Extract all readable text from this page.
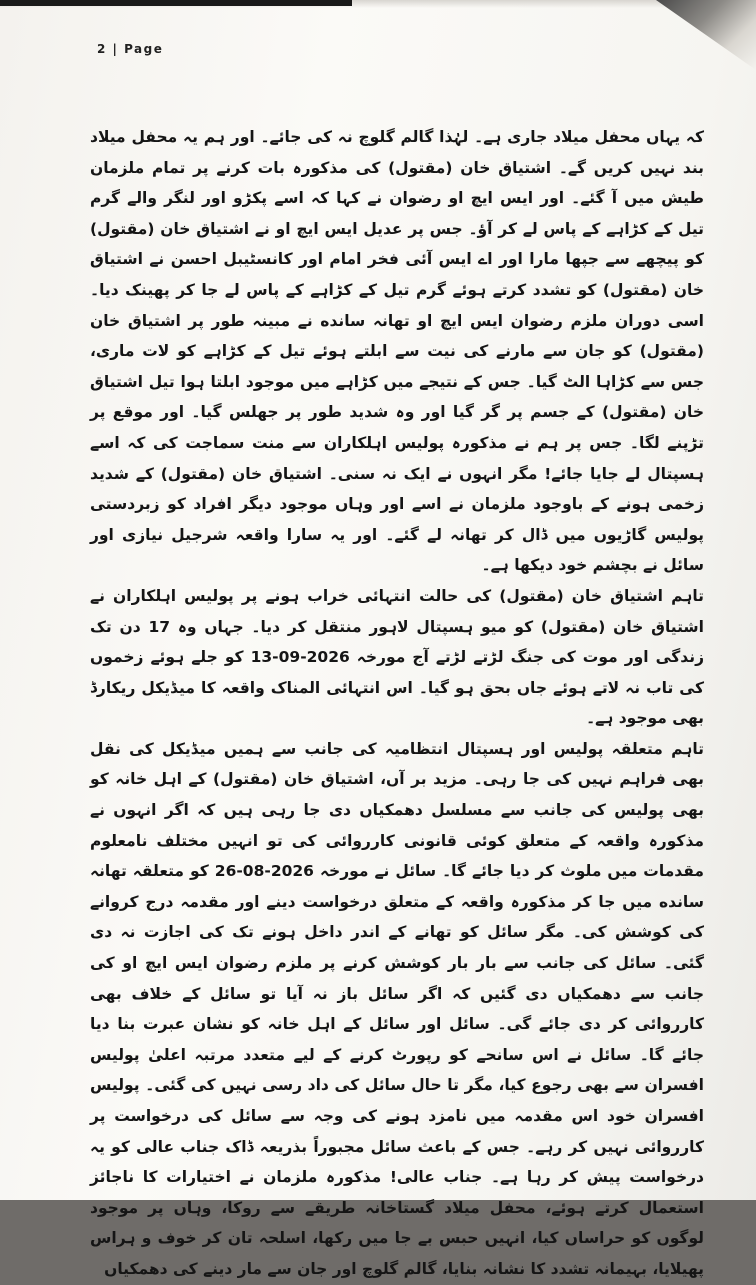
2 | Page

کہ یہاں محفل میلاد جاری ہے۔ لہٰذا گالم گلوچ نہ کی جائے۔ اور ہم یہ محفل میلاد بند نہیں کریں گے۔ اشتیاق خان (مقتول) کی مذکورہ بات کرنے پر تمام ملزمان طیش میں آ گئے۔ اور ایس ایچ او رضوان نے کہا کہ اسے پکڑو اور لنگر والے گرم تیل کے کڑاہے کے پاس لے کر آؤ۔ جس پر عدیل ایس ایچ او نے اشتیاق خان (مقتول) کو پیچھے سے جپھا مارا اور اے ایس آئی فخر امام اور کانسٹیبل احسن نے اشتیاق خان (مقتول) کو تشدد کرتے ہوئے گرم تیل کے کڑاہے کے پاس لے جا کر پھینک دیا۔ اسی دوران ملزم رضوان ایس ایچ او تھانہ سانده نے مبینہ طور پر اشتیاق خان (مقتول) کو جان سے مارنے کی نیت سے ابلتے ہوئے تیل کے کڑاہے کو لات ماری، جس سے کڑاہا الٹ گیا۔ جس کے نتیجے میں کڑاہے میں موجود ابلتا ہوا تیل اشتیاق خان (مقتول) کے جسم پر گر گیا اور وہ شدید طور پر جھلس گیا۔ اور موقع پر تڑپنے لگا۔ جس پر ہم نے مذکورہ پولیس اہلکاران سے منت سماجت کی کہ اسے ہسپتال لے جایا جائے! مگر انہوں نے ایک نہ سنی۔ اشتیاق خان (مقتول) کے شدید زخمی ہونے کے باوجود ملزمان نے اسے اور وہاں موجود دیگر افراد کو زبردستی پولیس گاڑیوں میں ڈال کر تھانہ لے گئے۔ اور یہ سارا واقعہ شرجیل نیازی اور سائل نے بچشم خود دیکھا ہے۔

تاہم اشتیاق خان (مقتول) کی حالت انتہائی خراب ہونے پر پولیس اہلکاران نے اشتیاق خان (مقتول) کو میو ہسپتال لاہور منتقل کر دیا۔ جہاں وہ 17 دن تک زندگی اور موت کی جنگ لڑتے لڑتے آج مورخہ 2026-09-13 کو جلے ہوئے زخموں کی تاب نہ لاتے ہوئے جاں بحق ہو گیا۔ اس انتہائی المناک واقعہ کا میڈیکل ریکارڈ بھی موجود ہے۔

تاہم متعلقہ پولیس اور ہسپتال انتظامیہ کی جانب سے ہمیں میڈیکل کی نقل بھی فراہم نہیں کی جا رہی۔ مزید بر آں، اشتیاق خان (مقتول) کے اہل خانہ کو بھی پولیس کی جانب سے مسلسل دھمکیاں دی جا رہی ہیں کہ اگر انہوں نے مذکورہ واقعہ کے متعلق کوئی قانونی کارروائی کی تو انہیں مختلف نامعلوم مقدمات میں ملوث کر دیا جائے گا۔ سائل نے مورخہ 2026-08-26 کو متعلقہ تھانہ سانده میں جا کر مذکورہ واقعہ کے متعلق درخواست دینے اور مقدمہ درج کروانے کی کوشش کی۔ مگر سائل کو تھانے کے اندر داخل ہونے تک کی اجازت نہ دی گئی۔ سائل کی جانب سے بار بار کوشش کرنے پر ملزم رضوان ایس ایچ او کی جانب سے دھمکیاں دی گئیں کہ اگر سائل باز نہ آیا تو سائل کے خلاف بھی کارروائی کر دی جائے گی۔ سائل اور سائل کے اہل خانہ کو نشان عبرت بنا دیا جائے گا۔ سائل نے اس سانحے کو رپورٹ کرنے کے لیے متعدد مرتبہ اعلیٰ پولیس افسران سے بھی رجوع کیا، مگر تا حال سائل کی داد رسی نہیں کی گئی۔ پولیس افسران خود اس مقدمہ میں نامزد ہونے کی وجہ سے سائل کی درخواست پر کارروائی نہیں کر رہے۔ جس کے باعث سائل مجبوراً بذریعہ ڈاک جناب عالی کو یہ درخواست پیش کر رہا ہے۔ جناب عالی! مذکورہ ملزمان نے اختیارات کا ناجائز استعمال کرتے ہوئے، محفل میلاد گستاخانہ طریقے سے روکا، وہاں پر موجود لوگوں کو حراساں کیا، انہیں حبس بے جا میں رکھا، اسلحہ تان کر خوف و ہراس پھیلایا، بہیمانہ تشدد کا نشانہ بنایا، گالم گلوچ اور جان سے مار دینے کی دھمکیاں
